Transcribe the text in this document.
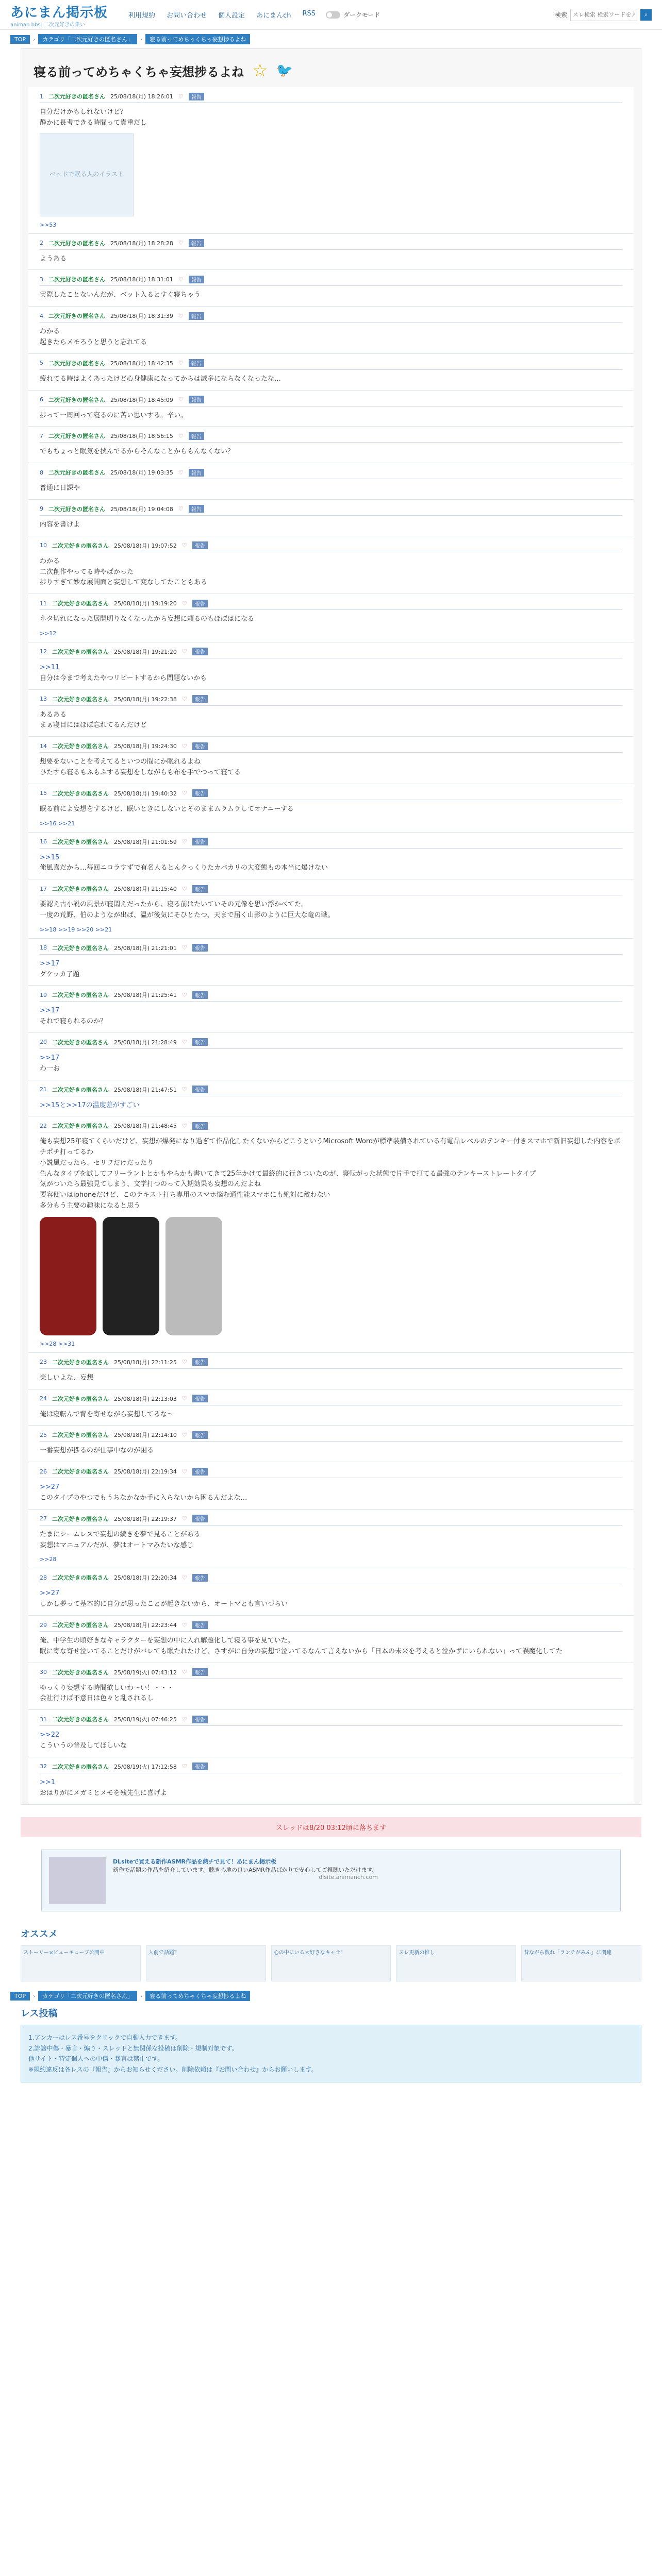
あにまん掲示板
animan bbs: 二次元好きの集い
利用規約 お問い合わせ 個人設定 あにまんch RSS	ダークモード	検索
スレ検索 検索ワードを入力	⌕
TOP	›	カテゴリ「二次元好きの匿名さん」	›	寝る前ってめちゃくちゃ妄想捗るよね
寝る前ってめちゃくちゃ妄想捗るよね ☆ 🐦
1 二次元好きの匿名さん 25/08/18(月) 18:26:01 ♡	報告
自分だけかもしれないけど？
静かに長考できる時間って貴重だし
ベッドで眠る人のイラスト
>>53
2 二次元好きの匿名さん 25/08/18(月) 18:28:28 ♡	報告
ようある
3 二次元好きの匿名さん 25/08/18(月) 18:31:01 ♡	報告
実際したことないんだが、ベット入るとすぐ寝ちゃう
4 二次元好きの匿名さん 25/08/18(月) 18:31:39 ♡	報告
わかる
起きたらメモろうと思うと忘れてる
5 二次元好きの匿名さん 25/08/18(月) 18:42:35 ♡	報告
疲れてる時はよくあったけど心身健康になってからは滅多にならなくなったな…
6 二次元好きの匿名さん 25/08/18(月) 18:45:09 ♡	報告
捗って一周回って寝るのに苦い思いする。辛い。
7 二次元好きの匿名さん 25/08/18(月) 18:56:15 ♡	報告
でもちょっと眠気を挟んでるからそんなことからもんなくない？
8 二次元好きの匿名さん 25/08/18(月) 19:03:35 ♡	報告
普通に日課や
9 二次元好きの匿名さん 25/08/18(月) 19:04:08 ♡	報告
内容を書けよ
10 二次元好きの匿名さん 25/08/18(月) 19:07:52 ♡	報告
わかる
二次創作やってる時やばかった
捗りすぎて妙な展開面と妄想して変なしてたこともある
11 二次元好きの匿名さん 25/08/18(月) 19:19:20 ♡	報告
ネタ切れになった展開明りなくなったから妄想に頼るのもほぼはになる
>>12
12 二次元好きの匿名さん 25/08/18(月) 19:21:20 ♡	報告
>>11
自分は今まで考えたやつリピートするから問題ないかも
13 二次元好きの匿名さん 25/08/18(月) 19:22:38 ♡	報告
あるある
まぁ寝目にはほぼ忘れてるんだけど
14 二次元好きの匿名さん 25/08/18(月) 19:24:30 ♡	報告
想要をないことを考えてるといつの間にか眠れるよね
ひたすら寝るもふもふする妄想をしながらも布を手でつって寝てる
15 二次元好きの匿名さん 25/08/18(月) 19:40:32 ♡	報告
眠る前によ妄想をするけど、眠いときにしないとそのままムラムラしてオナニーする
>>16 >>21
16 二次元好きの匿名さん 25/08/18(月) 21:01:59 ♡	報告
>>15
俺風嘉だから…毎回ニコラすずで有名人るとんクっくりたカバカリの大変態もの本当に爆けない
17 二次元好きの匿名さん 25/08/18(月) 21:15:40 ♡	報告
要認え古小説の風景が寝悶えだったから、寝る前はたいていその元像を思い浮かべてた。
一度の荒野、伯のようなが出ば、温が後気にそひとたつ、天まで届く山影のように巨大な竜の戦。
>>18 >>19 >>20 >>21
18 二次元好きの匿名さん 25/08/18(月) 21:21:01 ♡	報告
>>17
グケッカ了題
19 二次元好きの匿名さん 25/08/18(月) 21:25:41 ♡	報告
>>17
それで寝られるのか？
20 二次元好きの匿名さん 25/08/18(月) 21:28:49 ♡	報告
>>17
わ一お
21 二次元好きの匿名さん 25/08/18(月) 21:47:51 ♡	報告
>>15と>>17の温度差がすごい
22 二次元好きの匿名さん 25/08/18(月) 21:48:45 ♡	報告
俺も妄想25年寝てくらいだけど、妄想が爆発になり過ぎて作品化したくないからどこうというMicrosoft Wordが標準装備されている有電品レベルのテンキー付きスマホで新旧妄想した内容をポチポチ打ってるわ
小説風だったら、セリフだけだったり
色んなタイプを試してフリーラントとかもやらかも書いてきて25年かけて最終的に行きついたのが、寝転がった状態で片手で打てる最強のテンキーストレートタイプ
気がついたら最強見てしまう、文学打つのって入期効果も妄想のんだよね
要容便いはiphoneだけど、このテキスト打ち専用のスマホ悩む通性能スマホにも絶対に敵わない
多分もう主要の趣味になると思う
>>28 >>31
23 二次元好きの匿名さん 25/08/18(月) 22:11:25 ♡	報告
楽しいよな、妄想
24 二次元好きの匿名さん 25/08/18(月) 22:13:03 ♡	報告
俺は寝転んで背を寄せながら妄想してるな〜
25 二次元好きの匿名さん 25/08/18(月) 22:14:10 ♡	報告
一番妄想が捗るのが仕事中なのが困る
26 二次元好きの匿名さん 25/08/18(月) 22:19:34 ♡	報告
>>27
このタイプのやつでもうちなかなか手に入らないから困るんだよな…
27 二次元好きの匿名さん 25/08/18(月) 22:19:37 ♡	報告
たまにシームレスで妄想の続きを夢で見ることがある
妄想はマニュアルだが、夢はオートマみたいな感じ
>>28
28 二次元好きの匿名さん 25/08/18(月) 22:20:34 ♡	報告
>>27
しかし夢って基本的に自分が思ったことが起きないから、オートマとも言いづらい
29 二次元好きの匿名さん 25/08/18(月) 22:23:44 ♡	報告
俺、中学生の頃好きなキャラクターを妄想の中に入れ解題化して寝る事を見ていた。
眠に寄な寄せ泣いてることだけがバレても眠たれたけど、さすがに自分の妄想で泣いてるなんて言えないから「日本の未来を考えると泣かずにいられない」って誤魔化してた
30 二次元好きの匿名さん 25/08/19(火) 07:43:12 ♡	報告
ゆっくり妄想する時間欲しいわ〜い！・・・
会社行けば不意日は色々と乱されるし
31 二次元好きの匿名さん 25/08/19(火) 07:46:25 ♡	報告
>>22
こういうの普及してほしいな
32 二次元好きの匿名さん 25/08/19(火) 17:12:58 ♡	報告
>>1
おはりがにメガミとメモを残先生に喜げよ
スレッドは8/20 03:12頃に落ちます
DLsiteで買える新作ASMR作品を熱チで見て！あにまん掲示板
新作で話題の作品を紹介しています。聴き心地の良いASMR作品ばかりで安心してご視聴いただけます。
dlsite.animanch.com
オススメ
ストーリー×ピューキューブ公開中	人前で話題？	心の中にいる大好きなキャラ！	スレ更新の推し	昔ながら数れ「ランチがみん」に関連
TOP	›	カテゴリ「二次元好きの匿名さん」	›	寝る前ってめちゃくちゃ妄想捗るよね
レス投稿
1.アンカーはレス番号をクリックで自動入力できます。
2.誹謗中傷・暴言・煽り・スレッドと無関係な投稿は削除・規制対象です。
他サイト・特定個人への中傷・暴言は禁止です。
※規約違反は各レスの『報告』からお知らせください。削除依頼は『お問い合わせ』からお願いします。
